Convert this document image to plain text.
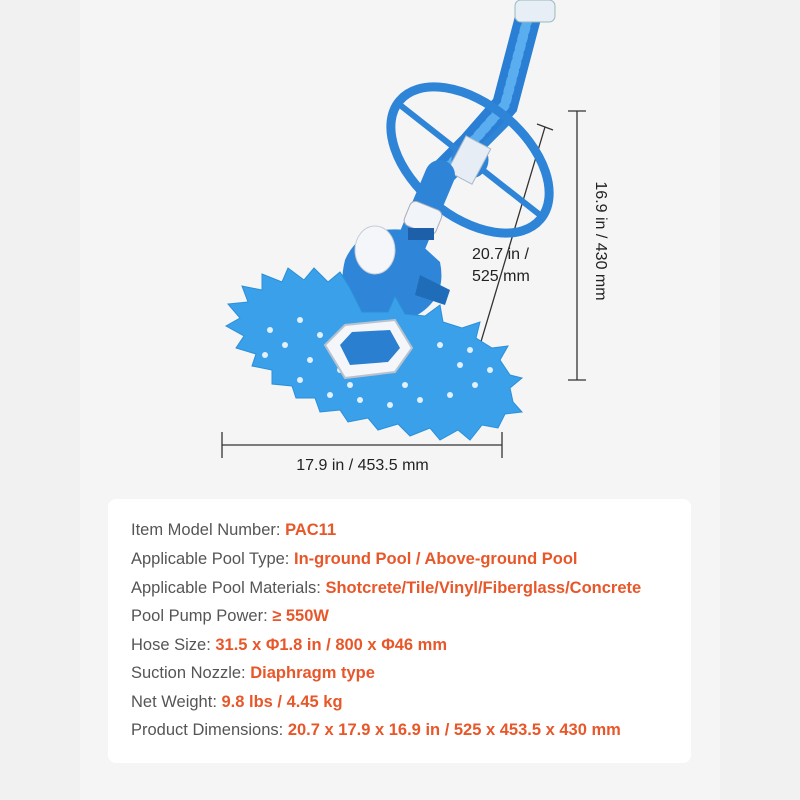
20.7 in /
525 mm	16.9 in / 430 mm
17.9 in / 453.5 mm
Item Model Number: PAC11
Applicable Pool Type: In-ground Pool / Above-ground Pool
Applicable Pool Materials: Shotcrete/Tile/Vinyl/Fiberglass/Concrete
Pool Pump Power: ≥ 550W
Hose Size: 31.5 x Φ1.8 in / 800 x Φ46 mm
Suction Nozzle: Diaphragm type
Net Weight: 9.8 lbs / 4.45 kg
Product Dimensions: 20.7 x 17.9 x 16.9 in / 525 x 453.5 x 430 mm
